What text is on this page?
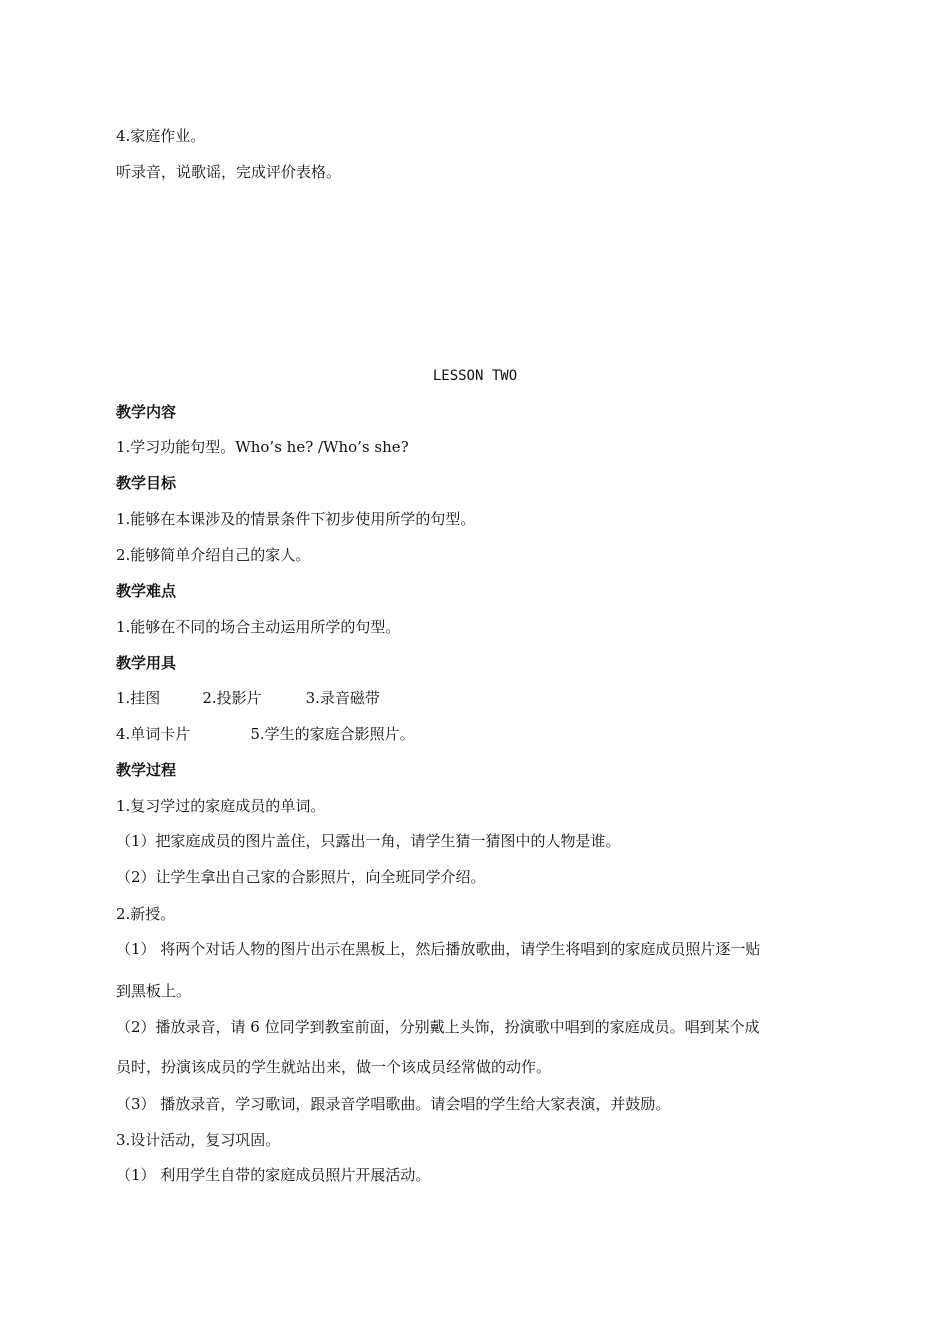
4.家庭作业。
听录音，说歌谣，完成评价表格。
LESSON TWO
教学内容
1.学习功能句型。Who’s he? /Who’s she?
教学目标
1.能够在本课涉及的情景条件下初步使用所学的句型。
2.能够简单介绍自己的家人。
教学难点
1.能够在不同的场合主动运用所学的句型。
教学用具
1.挂图	2.投影片	3.录音磁带
4.单词卡片	5.学生的家庭合影照片。
教学过程
1.复习学过的家庭成员的单词。
（1）把家庭成员的图片盖住，只露出一角，请学生猜一猜图中的人物是谁。
（2）让学生拿出自己家的合影照片，向全班同学介绍。
2.新授。
（1） 将两个对话人物的图片出示在黑板上，然后播放歌曲，请学生将唱到的家庭成员照片逐一贴
到黑板上。
（2）播放录音，请 6 位同学到教室前面，分别戴上头饰，扮演歌中唱到的家庭成员。唱到某个成
员时，扮演该成员的学生就站出来，做一个该成员经常做的动作。
（3） 播放录音，学习歌词，跟录音学唱歌曲。请会唱的学生给大家表演，并鼓励。
3.设计活动，复习巩固。
（1） 利用学生自带的家庭成员照片开展活动。
